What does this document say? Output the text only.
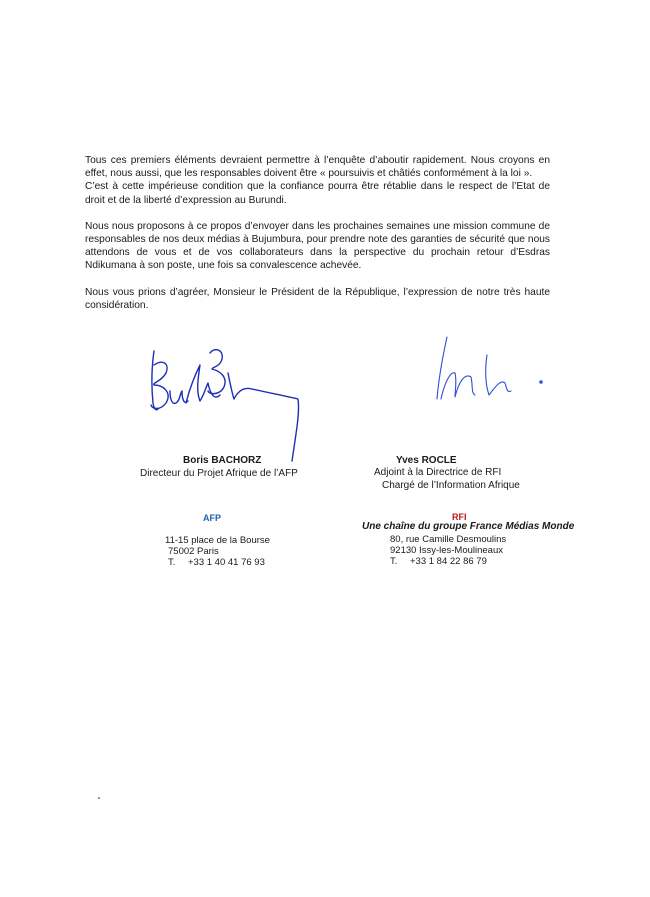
Tous ces premiers éléments devraient permettre à l’enquête d’aboutir rapidement. Nous croyons en effet, nous aussi, que les responsables doivent être « poursuivis et châtiés conformément à la loi ».

C’est à cette impérieuse condition que la confiance pourra être rétablie dans le respect de l’Etat de droit et de la liberté d’expression au Burundi.

Nous nous proposons à ce propos d’envoyer dans les prochaines semaines une mission commune de responsables de nos deux médias à Bujumbura, pour prendre note des garanties de sécurité que nous attendons de vous et de vos collaborateurs dans la perspective du prochain retour d’Esdras Ndikumana à son poste, une fois sa convalescence achevée.

Nous vous prions d’agréer, Monsieur le Président de la République, l’expression de notre très haute considération.

Boris BACHORZ
Directeur du Projet Afrique de l’AFP
AFP
11-15 place de la Bourse
75002 Paris
T. +33 1 40 41 76 93
Yves ROCLE
Adjoint à la Directrice de RFI
Chargé de l’Information Afrique
RFI
Une chaîne du groupe France Médias Monde
80, rue Camille Desmoulins
92130 Issy-les-Moulineaux
T. +33 1 84 22 86 79
